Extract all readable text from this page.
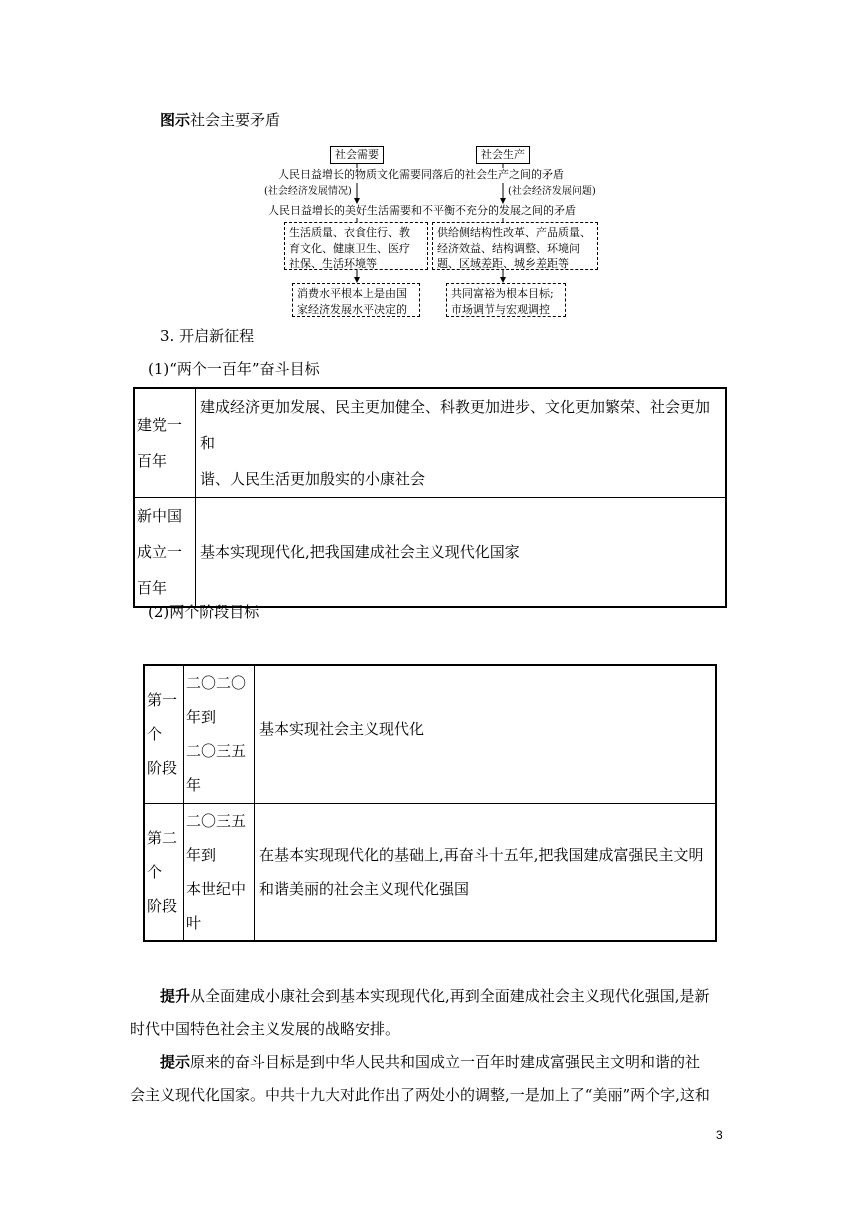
图示社会主要矛盾
社会需要	社会生产
人民日益增长的物质文化需要同落后的社会生产之间的矛盾
(社会经济发展情况)	(社会经济发展问题)
人民日益增长的美好生活需要和不平衡不充分的发展之间的矛盾
生活质量、衣食住行、教
育文化、健康卫生、医疗
社保、生活环境等
供给侧结构性改革、产品质量、
经济效益、结构调整、环境问
题、区域差距、城乡差距等
消费水平根本上是由国
家经济发展水平决定的
共同富裕为根本目标;
市场调节与宏观调控
3. 开启新征程
(1)“两个一百年”奋斗目标
建党一
百年	建成经济更加发展、民主更加健全、科教更加进步、文化更加繁荣、社会更加和
谐、人民生活更加殷实的小康社会

新中国
成立一
百年	基本实现现代化,把我国建成社会主义现代化国家
(2)两个阶段目标
第一
个
阶段	二〇二〇
年到
二〇三五
年	基本实现社会主义现代化

第二
个
阶段	二〇三五
年到
本世纪中
叶	在基本实现现代化的基础上,再奋斗十五年,把我国建成富强民主文明
和谐美丽的社会主义现代化强国
提升从全面建成小康社会到基本实现现代化,再到全面建成社会主义现代化强国,是新
时代中国特色社会主义发展的战略安排。
提示原来的奋斗目标是到中华人民共和国成立一百年时建成富强民主文明和谐的社
会主义现代化国家。中共十九大对此作出了两处小的调整,一是加上了“美丽”两个字,这和
3
